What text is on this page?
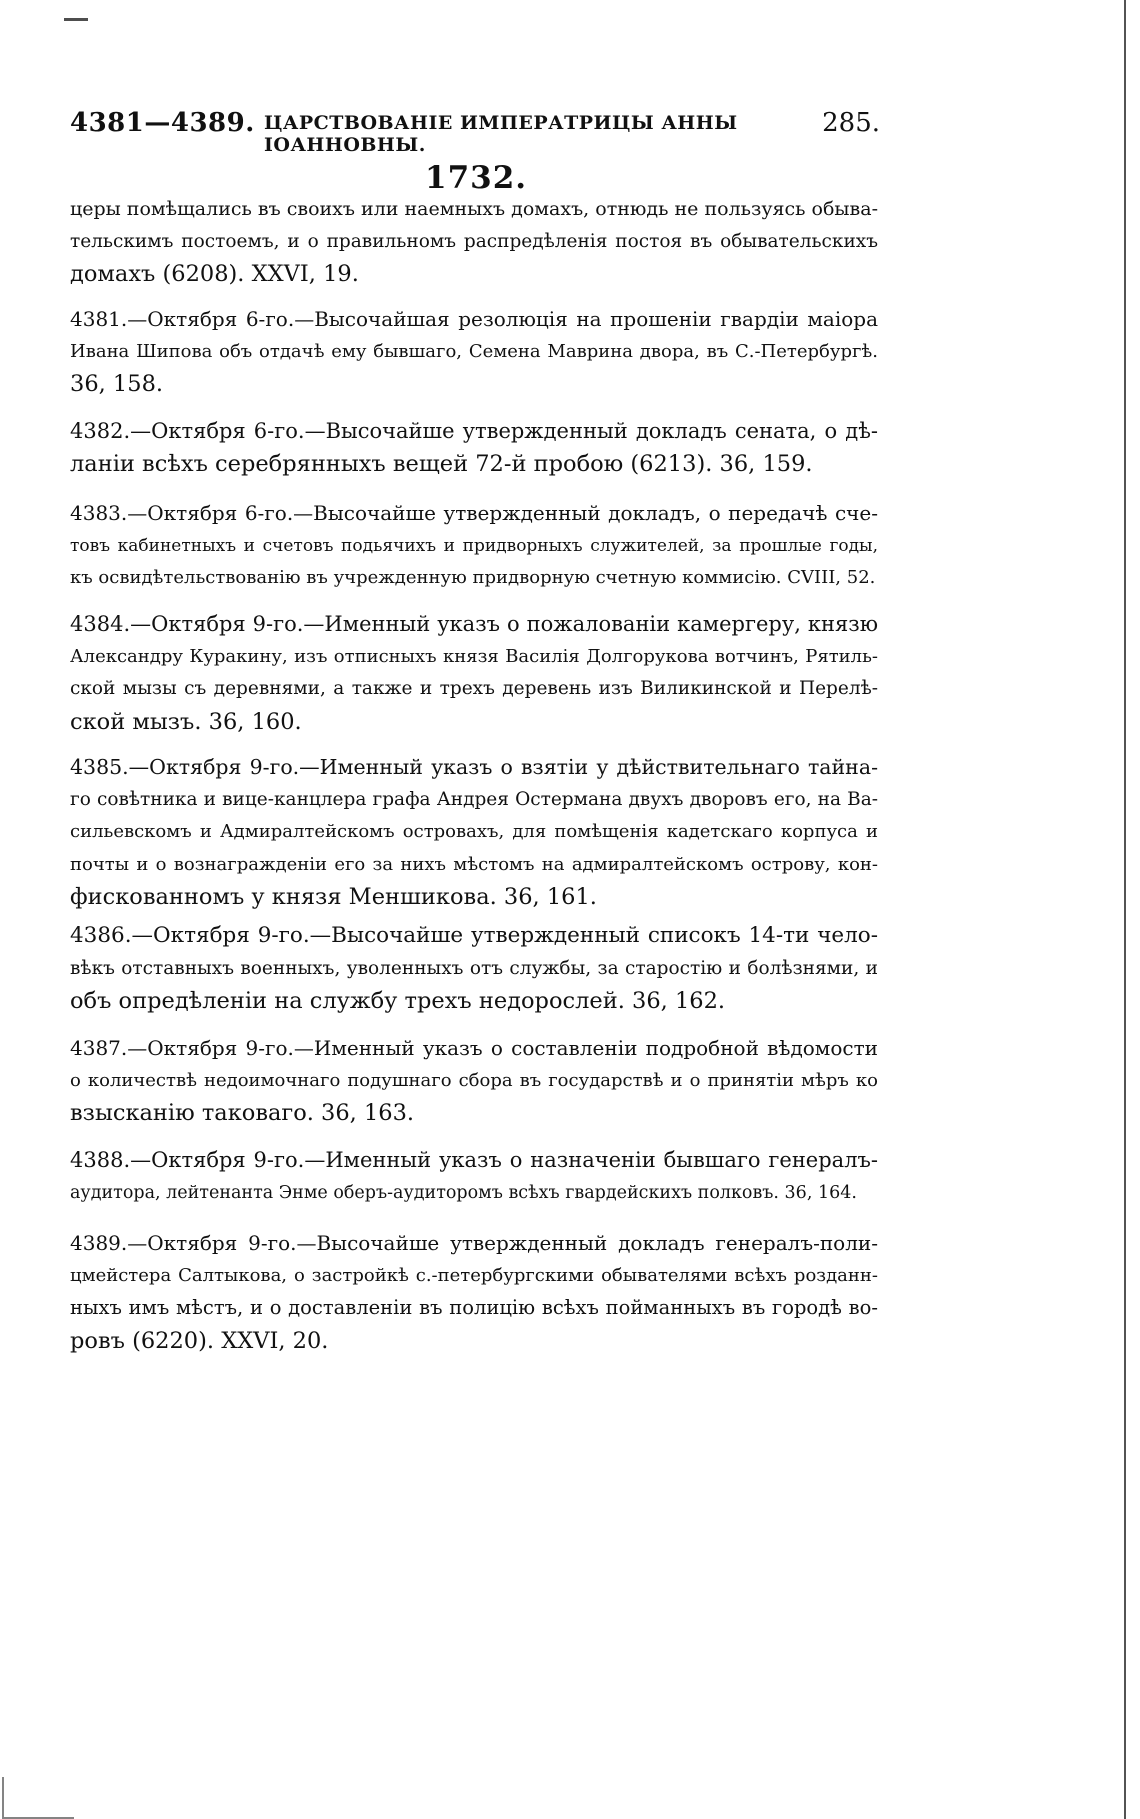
4381—4389. ЦАРСТВОВАНІЕ ИМПЕРАТРИЦЫ АННЫ ІОАННОВНЫ.
285.
1732.
церы помѣщались въ своихъ или наемныхъ домахъ, отнюдь не пользуясь обыва-
тельскимъ постоемъ, и о правильномъ распредѣленія постоя въ обывательскихъ
домахъ (6208). XXVI, 19.
4381.—Октября 6-го.—Высочайшая резолюція на прошеніи гвардіи маіора
Ивана Шипова объ отдачѣ ему бывшаго, Семена Маврина двора, въ С.-Петербургѣ.
36, 158.
4382.—Октября 6-го.—Высочайше утвержденный докладъ сената, о дѣ-
ланіи всѣхъ серебрянныхъ вещей 72-й пробою (6213). 36, 159.
4383.—Октября 6-го.—Высочайше утвержденный докладъ, о передачѣ сче-
товъ кабинетныхъ и счетовъ подьячихъ и придворныхъ служителей, за прошлые годы,
къ освидѣтельствованію въ учрежденную придворную счетную коммисію. CVIII, 52.
4384.—Октября 9-го.—Именный указъ о пожалованіи камергеру, князю
Александру Куракину, изъ отписныхъ князя Василія Долгорукова вотчинъ, Рятиль-
ской мызы съ деревнями, а также и трехъ деревень изъ Виликинской и Перелѣ-
ской мызъ. 36, 160.
4385.—Октября 9-го.—Именный указъ о взятіи у дѣйствительнаго тайна-
го совѣтника и вице-канцлера графа Андрея Остермана двухъ дворовъ его, на Ва-
сильевскомъ и Адмиралтейскомъ островахъ, для помѣщенія кадетскаго корпуса и
почты и о вознагражденіи его за нихъ мѣстомъ на адмиралтейскомъ острову, кон-
фискованномъ у князя Меншикова. 36, 161.
4386.—Октября 9-го.—Высочайше утвержденный списокъ 14-ти чело-
вѣкъ отставныхъ военныхъ, уволенныхъ отъ службы, за старостію и болѣзнями, и
объ опредѣленіи на службу трехъ недорослей. 36, 162.
4387.—Октября 9-го.—Именный указъ о составленіи подробной вѣдомости
о количествѣ недоимочнаго подушнаго сбора въ государствѣ и о принятіи мѣръ ко
взысканію таковаго. 36, 163.
4388.—Октября 9-го.—Именный указъ о назначеніи бывшаго генералъ-
аудитора, лейтенанта Энме оберъ-аудиторомъ всѣхъ гвардейскихъ полковъ. 36, 164.
4389.—Октября 9-го.—Высочайше утвержденный докладъ генералъ-поли-
цмейстера Салтыкова, о застройкѣ с.-петербургскими обывателями всѣхъ розданн-
ныхъ имъ мѣстъ, и о доставленіи въ полицію всѣхъ пойманныхъ въ городѣ во-
ровъ (6220). XXVI, 20.
